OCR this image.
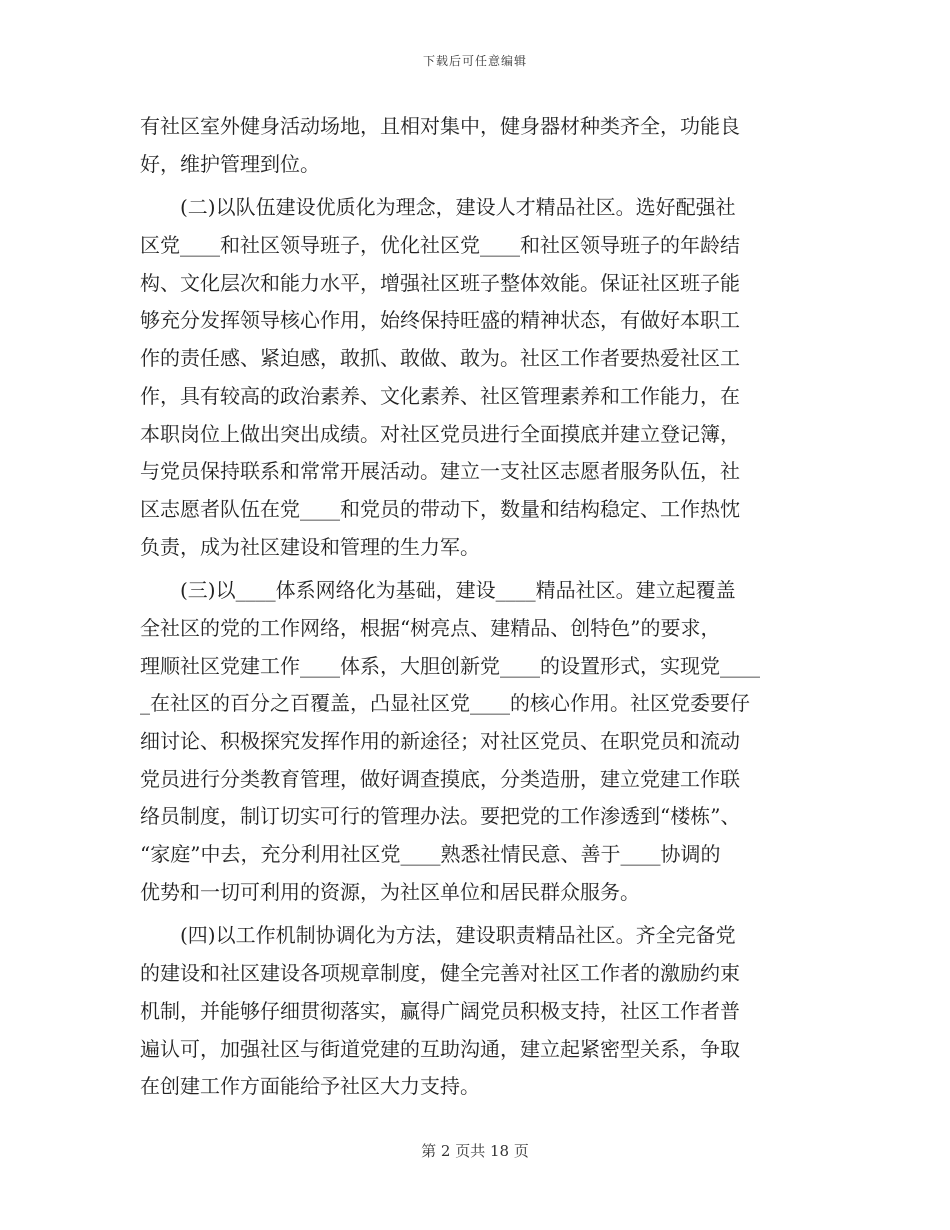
下载后可任意编辑
有社区室外健身活动场地，且相对集中，健身器材种类齐全，功能良
好，维护管理到位。
(二)以队伍建设优质化为理念，建设人才精品社区。选好配强社
区党____和社区领导班子，优化社区党____和社区领导班子的年龄结
构、文化层次和能力水平，增强社区班子整体效能。保证社区班子能
够充分发挥领导核心作用，始终保持旺盛的精神状态，有做好本职工
作的责任感、紧迫感，敢抓、敢做、敢为。社区工作者要热爱社区工
作，具有较高的政治素养、文化素养、社区管理素养和工作能力，在
本职岗位上做出突出成绩。对社区党员进行全面摸底并建立登记簿，
与党员保持联系和常常开展活动。建立一支社区志愿者服务队伍，社
区志愿者队伍在党____和党员的带动下，数量和结构稳定、工作热忱
负责，成为社区建设和管理的生力军。
(三)以____体系网络化为基础，建设____精品社区。建立起覆盖
全社区的党的工作网络，根据“树亮点、建精品、创特色”的要求，
理顺社区党建工作____体系，大胆创新党____的设置形式，实现党____
_在社区的百分之百覆盖，凸显社区党____的核心作用。社区党委要仔
细讨论、积极探究发挥作用的新途径；对社区党员、在职党员和流动
党员进行分类教育管理，做好调查摸底，分类造册，建立党建工作联
络员制度，制订切实可行的管理办法。要把党的工作渗透到“楼栋”、
“家庭”中去，充分利用社区党____熟悉社情民意、善于____协调的
优势和一切可利用的资源，为社区单位和居民群众服务。
(四)以工作机制协调化为方法，建设职责精品社区。齐全完备党
的建设和社区建设各项规章制度，健全完善对社区工作者的激励约束
机制，并能够仔细贯彻落实，赢得广阔党员积极支持，社区工作者普
遍认可，加强社区与街道党建的互助沟通，建立起紧密型关系，争取
在创建工作方面能给予社区大力支持。
第 2 页共 18 页
